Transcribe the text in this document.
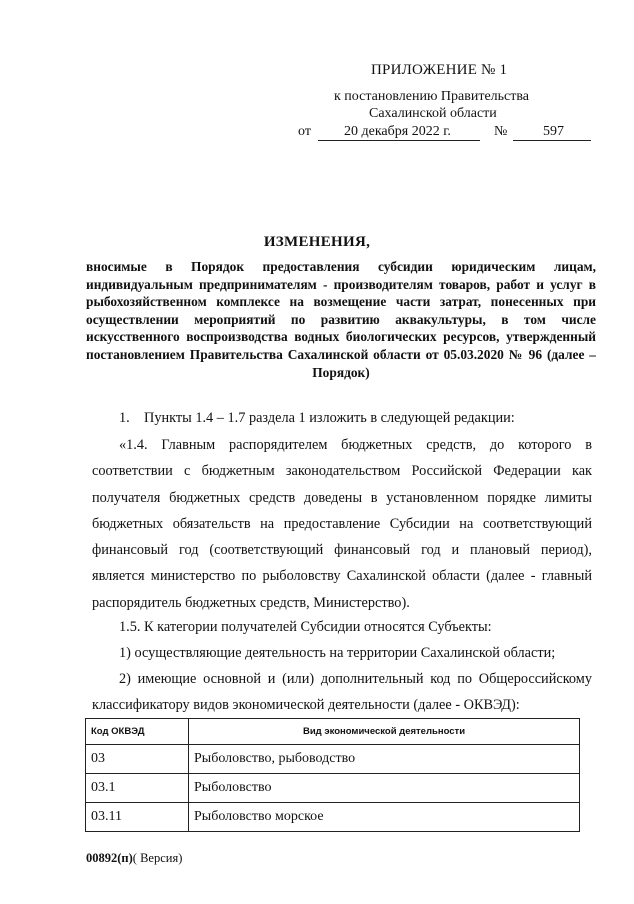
ПРИЛОЖЕНИЕ № 1
к постановлению Правительства
Сахалинской области
от 20 декабря 2022 г.	№	597
ИЗМЕНЕНИЯ,
вносимые в Порядок предоставления субсидии юридическим лицам, индивидуальным предпринимателям - производителям товаров, работ и услуг в рыбохозяйственном комплексе на возмещение части затрат, понесенных при осуществлении мероприятий по развитию аквакультуры, в том числе искусственного воспроизводства водных биологических ресурсов, утвержденный постановлением Правительства Сахалинской области от 05.03.2020 № 96 (далее – Порядок)
1.    Пункты 1.4 – 1.7 раздела 1 изложить в следующей редакции:
«1.4. Главным распорядителем бюджетных средств, до которого в соответствии с бюджетным законодательством Российской Федерации как получателя бюджетных средств доведены в установленном порядке лимиты бюджетных обязательств на предоставление Субсидии на соответствующий финансовый год (соответствующий финансовый год и плановый период), является министерство по рыболовству Сахалинской области (далее - главный распорядитель бюджетных средств, Министерство).
1.5. К категории получателей Субсидии относятся Субъекты:
1) осуществляющие деятельность на территории Сахалинской области;
2) имеющие основной и (или) дополнительный код по Общероссийскому классификатору видов экономической деятельности (далее - ОКВЭД):
Код ОКВЭД	Вид экономической деятельности
03	Рыболовство, рыбоводство
03.1	Рыболовство
03.11	Рыболовство морское
00892(п)( Версия)
